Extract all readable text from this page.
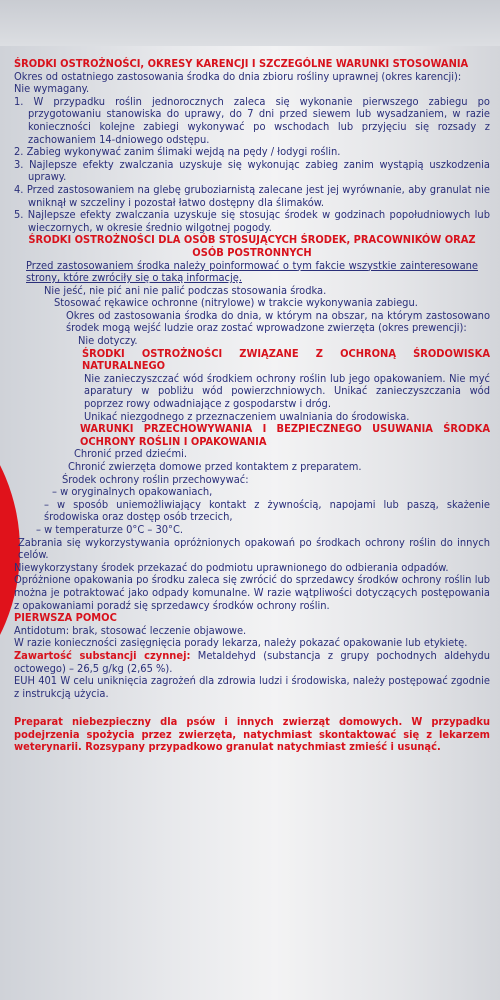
ŚRODKI OSTROŻNOŚCI, OKRESY KARENCJI I SZCZEGÓLNE WARUNKI STOSOWANIA

Okres od ostatniego zastosowania środka do dnia zbioru rośliny uprawnej (okres karencji):

Nie wymagany.

1. W przypadku roślin jednorocznych zaleca się wykonanie pierwszego zabiegu po przygotowaniu stanowiska do uprawy, do 7 dni przed siewem lub wysadzaniem, w razie konieczności kolejne zabiegi wykonywać po wschodach lub przyjęciu się rozsady z zachowaniem 14-dniowego odstępu.

2. Zabieg wykonywać zanim ślimaki wejdą na pędy / łodygi roślin.

3. Najlepsze efekty zwalczania uzyskuje się wykonując zabieg zanim wystąpią uszkodzenia uprawy.

4. Przed zastosowaniem na glebę gruboziarnistą zalecane jest jej wyrównanie, aby granulat nie wniknął w szczeliny i pozostał łatwo dostępny dla ślimaków.

5. Najlepsze efekty zwalczania uzyskuje się stosując środek w godzinach popołudniowych lub wieczornych, w okresie średnio wilgotnej pogody.

ŚRODKI OSTROŻNOŚCI DLA OSÓB STOSUJĄCYCH ŚRODEK, PRACOWNIKÓW ORAZ OSÓB POSTRONNYCH

Przed zastosowaniem środka należy poinformować o tym fakcie wszystkie zainteresowane strony, które zwróciły się o taką informację.

Nie jeść, nie pić ani nie palić podczas stosowania środka.

Stosować rękawice ochronne (nitrylowe) w trakcie wykonywania zabiegu.

Okres od zastosowania środka do dnia, w którym na obszar, na którym zastosowano środek mogą wejść ludzie oraz zostać wprowadzone zwierzęta (okres prewencji):

Nie dotyczy.

ŚRODKI OSTROŻNOŚCI ZWIĄZANE Z OCHRONĄ ŚRODOWISKA NATURALNEGO

Nie zanieczyszczać wód środkiem ochrony roślin lub jego opakowaniem. Nie myć aparatury w pobliżu wód powierzchniowych. Unikać zanieczyszczania wód poprzez rowy odwadniające z gospodarstw i dróg.

Unikać niezgodnego z przeznaczeniem uwalniania do środowiska.

WARUNKI PRZECHOWYWANIA I BEZPIECZNEGO USUWANIA ŚRODKA OCHRONY ROŚLIN I OPAKOWANIA

Chronić przed dziećmi.

Chronić zwierzęta domowe przed kontaktem z preparatem.

Środek ochrony roślin przechowywać:

– w oryginalnych opakowaniach,

– w sposób uniemożliwiający kontakt z żywnością, napojami lub paszą, skażenie środowiska oraz dostęp osób trzecich,

– w temperaturze 0°C – 30°C.

Zabrania się wykorzystywania opróżnionych opakowań po środkach ochrony roślin do innych celów.

Niewykorzystany środek przekazać do podmiotu uprawnionego do odbierania odpadów.

Opróżnione opakowania po środku zaleca się zwrócić do sprzedawcy środków ochrony roślin lub można je potraktować jako odpady komunalne. W razie wątpliwości dotyczących postępowania z opakowaniami poradź się sprzedawcy środków ochrony roślin.

PIERWSZA POMOC

Antidotum: brak, stosować leczenie objawowe.

W razie konieczności zasięgnięcia porady lekarza, należy pokazać opakowanie lub etykietę.

Zawartość substancji czynnej: Metaldehyd (substancja z grupy pochodnych aldehydu octowego) – 26,5 g/kg (2,65 %).

EUH 401 W celu uniknięcia zagrożeń dla zdrowia ludzi i środowiska, należy postępować zgodnie z instrukcją użycia.

Preparat niebezpieczny dla psów i innych zwierząt domowych. W przypadku podejrzenia spożycia przez zwierzęta, natychmiast skontaktować się z lekarzem weterynarii. Rozsypany przypadkowo granulat natychmiast zmieść i usunąć.
